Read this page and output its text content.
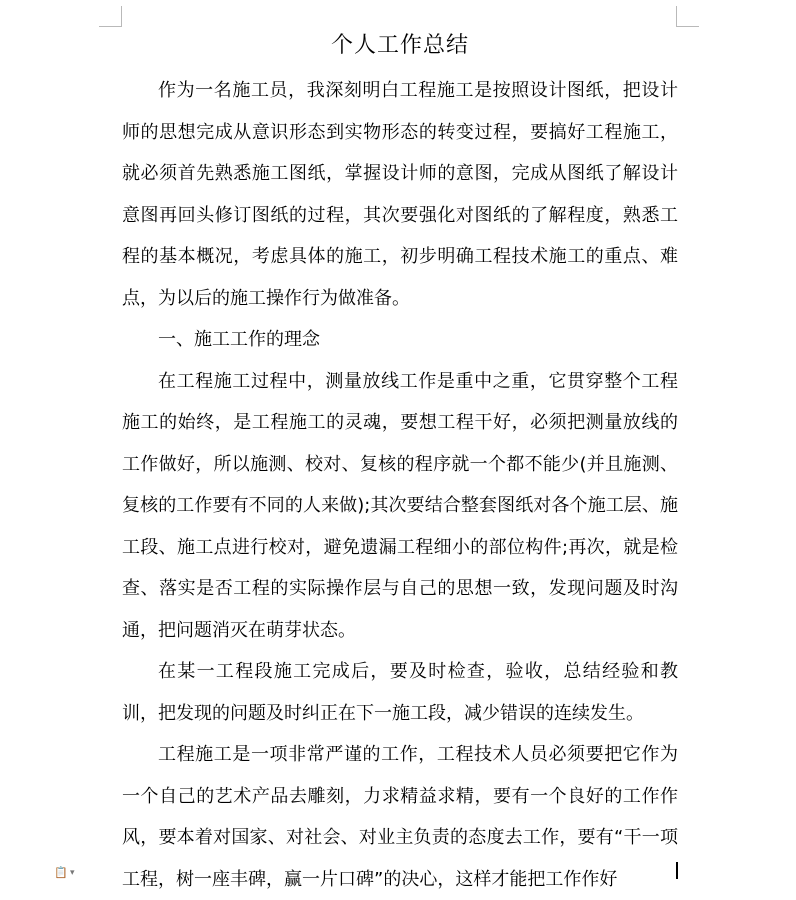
个人工作总结

作为一名施工员，我深刻明白工程施工是按照设计图纸，把设计师的思想完成从意识形态到实物形态的转变过程，要搞好工程施工，就必须首先熟悉施工图纸，掌握设计师的意图，完成从图纸了解设计意图再回头修订图纸的过程，其次要强化对图纸的了解程度，熟悉工程的基本概况，考虑具体的施工，初步明确工程技术施工的重点、难点，为以后的施工操作行为做准备。

一、施工工作的理念

在工程施工过程中，测量放线工作是重中之重，它贯穿整个工程施工的始终，是工程施工的灵魂，要想工程干好，必须把测量放线的工作做好，所以施测、校对、复核的程序就一个都不能少(并且施测、复核的工作要有不同的人来做);其次要结合整套图纸对各个施工层、施工段、施工点进行校对，避免遗漏工程细小的部位构件;再次，就是检查、落实是否工程的实际操作层与自己的思想一致，发现问题及时沟通，把问题消灭在萌芽状态。

在某一工程段施工完成后，要及时检查，验收，总结经验和教训，把发现的问题及时纠正在下一施工段，减少错误的连续发生。

工程施工是一项非常严谨的工作，工程技术人员必须要把它作为一个自己的艺术产品去雕刻，力求精益求精，要有一个良好的工作作风，要本着对国家、对社会、对业主负责的态度去工作，要有“干一项工程，树一座丰碑，赢一片口碑”的决心，这样才能把工作作好

📋 ▾
